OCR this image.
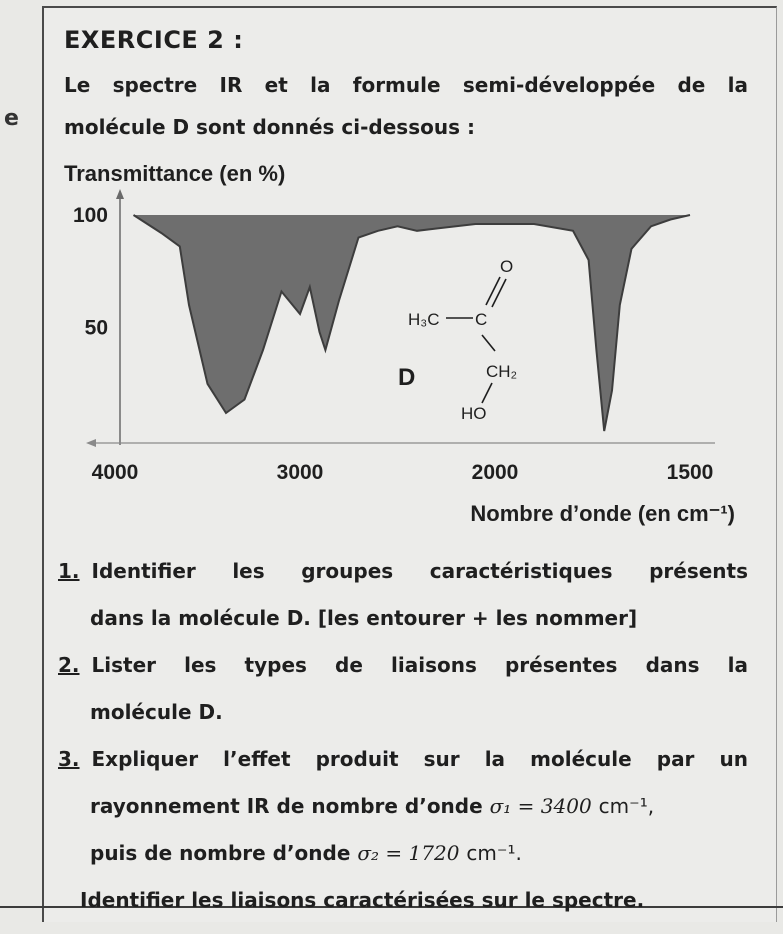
e
EXERCICE 2 :
Le spectre IR et la formule semi-développée de la
molécule D sont donnés ci-dessous :
Transmittance (en %)
4000	3000	2000	1500
100
50
Nombre d’onde (en cm⁻¹)
D
O
H₃C C
CH₂
HO
1. Identifier les groupes caractéristiques présents
dans la molécule D. [les entourer + les nommer]
2. Lister les types de liaisons présentes dans la
molécule D.
3. Expliquer l’effet produit sur la molécule par un
rayonnement IR de nombre d’onde σ₁ = 3400 cm⁻¹,
puis de nombre d’onde σ₂ = 1720 cm⁻¹.
Identifier les liaisons caractérisées sur le spectre.
